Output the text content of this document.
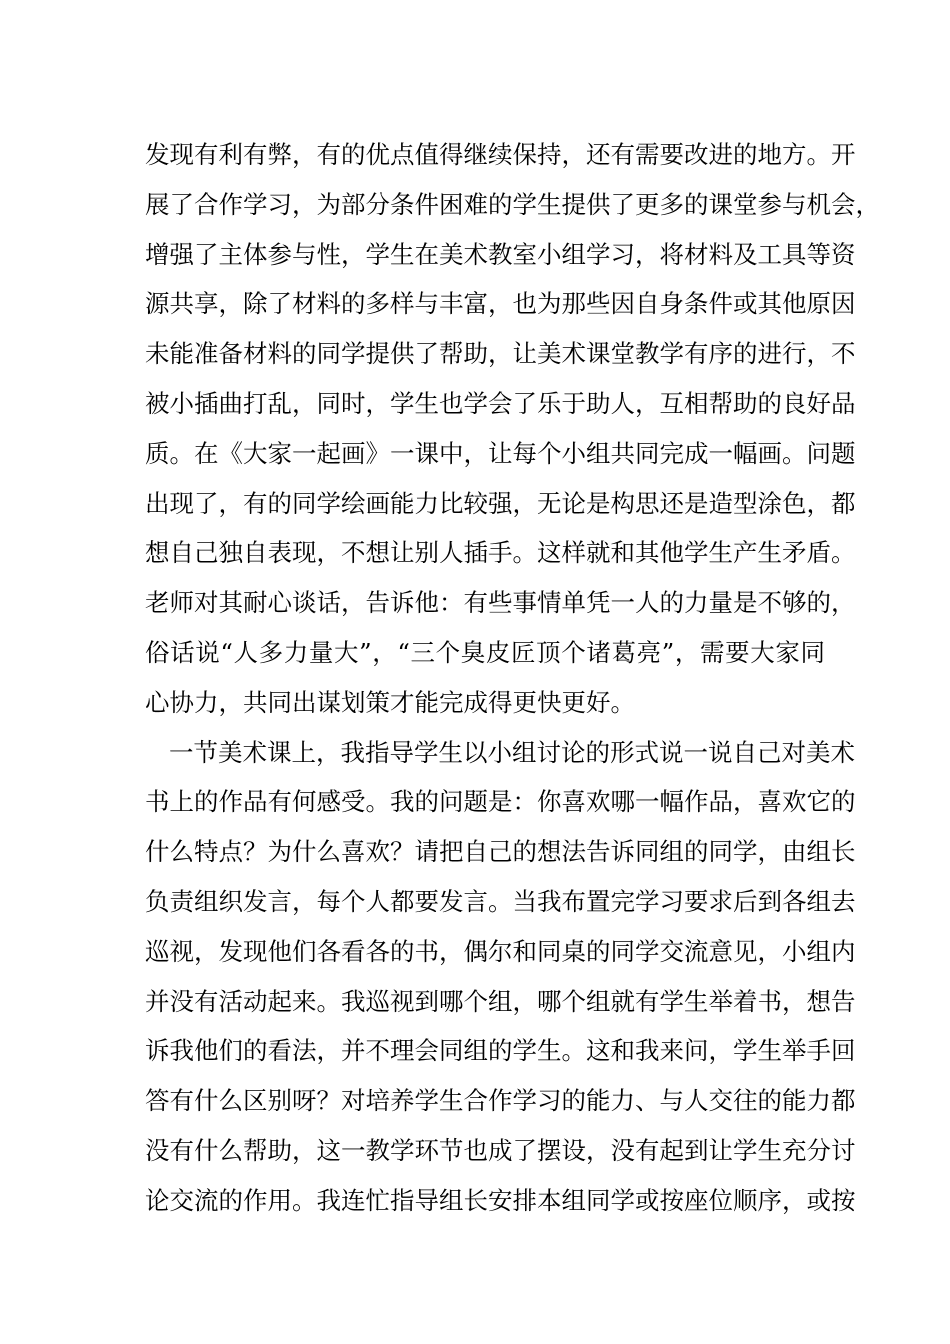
发现有利有弊，有的优点值得继续保持，还有需要改进的地方。开
展了合作学习，为部分条件困难的学生提供了更多的课堂参与机会，
增强了主体参与性，学生在美术教室小组学习，将材料及工具等资
源共享，除了材料的多样与丰富，也为那些因自身条件或其他原因
未能准备材料的同学提供了帮助，让美术课堂教学有序的进行，不
被小插曲打乱，同时，学生也学会了乐于助人，互相帮助的良好品
质。在《大家一起画》一课中，让每个小组共同完成一幅画。问题
出现了，有的同学绘画能力比较强，无论是构思还是造型涂色，都
想自己独自表现，不想让别人插手。这样就和其他学生产生矛盾。
老师对其耐心谈话，告诉他：有些事情单凭一人的力量是不够的，
俗话说“人多力量大”，“三个臭皮匠顶个诸葛亮”，需要大家同
心协力，共同出谋划策才能完成得更快更好。
一节美术课上，我指导学生以小组讨论的形式说一说自己对美术
书上的作品有何感受。我的问题是：你喜欢哪一幅作品，喜欢它的
什么特点？为什么喜欢？请把自己的想法告诉同组的同学，由组长
负责组织发言，每个人都要发言。当我布置完学习要求后到各组去
巡视，发现他们各看各的书，偶尔和同桌的同学交流意见，小组内
并没有活动起来。我巡视到哪个组，哪个组就有学生举着书，想告
诉我他们的看法，并不理会同组的学生。这和我来问，学生举手回
答有什么区别呀？对培养学生合作学习的能力、与人交往的能力都
没有什么帮助，这一教学环节也成了摆设，没有起到让学生充分讨
论交流的作用。我连忙指导组长安排本组同学或按座位顺序，或按
